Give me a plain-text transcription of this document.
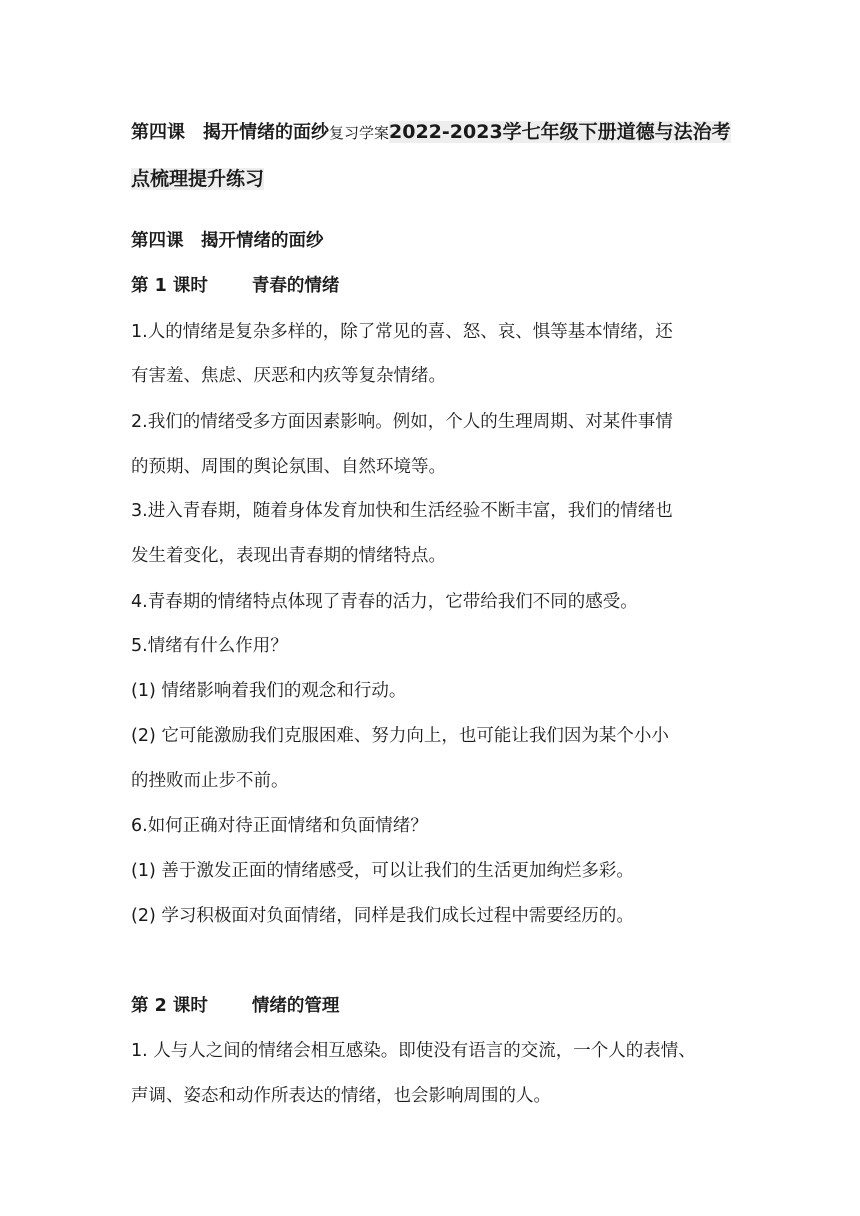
第四课　揭开情绪的面纱复习学案2022-2023学七年级下册道德与法治考点梳理提升练习
第四课　揭开情绪的面纱
第 1 课时	青春的情绪
1.人的情绪是复杂多样的，除了常见的喜、怒、哀、惧等基本情绪，还
有害羞、焦虑、厌恶和内疚等复杂情绪。
2.我们的情绪受多方面因素影响。例如，个人的生理周期、对某件事情
的预期、周围的舆论氛围、自然环境等。
3.进入青春期，随着身体发育加快和生活经验不断丰富，我们的情绪也
发生着变化，表现出青春期的情绪特点。
4.青春期的情绪特点体现了青春的活力，它带给我们不同的感受。
5.情绪有什么作用？
(1) 情绪影响着我们的观念和行动。
(2) 它可能激励我们克服困难、努力向上，也可能让我们因为某个小小
的挫败而止步不前。
6.如何正确对待正面情绪和负面情绪？
(1) 善于激发正面的情绪感受，可以让我们的生活更加绚烂多彩。
(2) 学习积极面对负面情绪，同样是我们成长过程中需要经历的。
第 2 课时	情绪的管理
1. 人与人之间的情绪会相互感染。即使没有语言的交流，一个人的表情、
声调、姿态和动作所表达的情绪，也会影响周围的人。
